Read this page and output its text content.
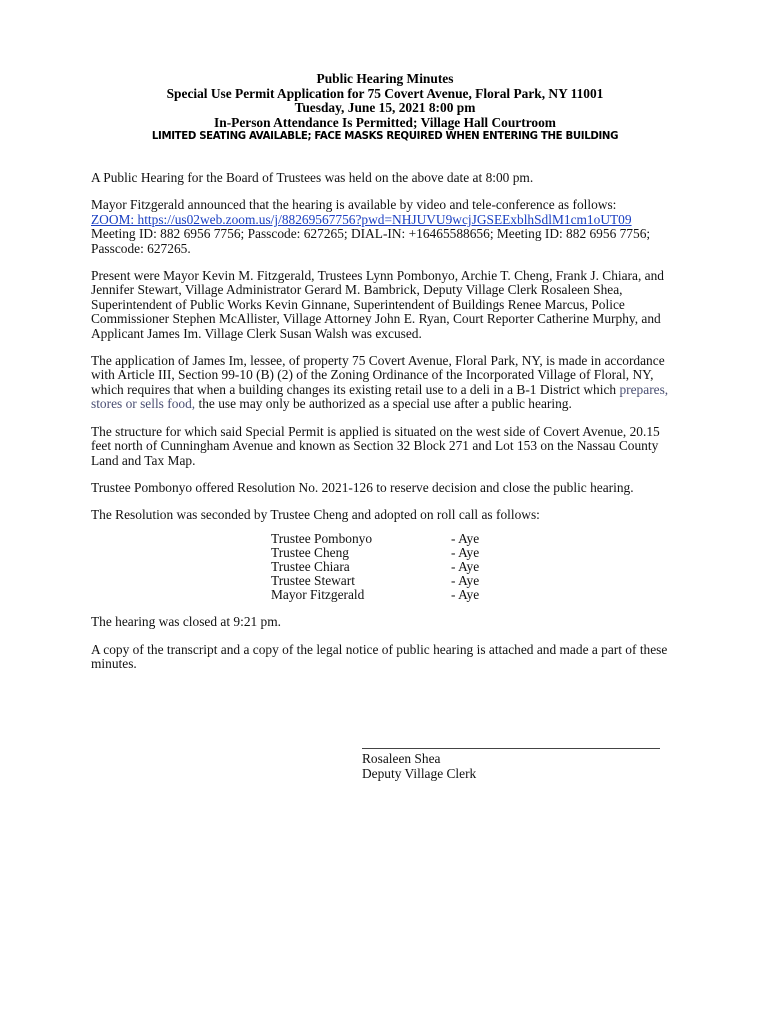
Public Hearing Minutes
Special Use Permit Application for 75 Covert Avenue, Floral Park, NY 11001
Tuesday, June 15, 2021 8:00 pm
In-Person Attendance Is Permitted; Village Hall Courtroom
LIMITED SEATING AVAILABLE; FACE MASKS REQUIRED WHEN ENTERING THE BUILDING

A Public Hearing for the Board of Trustees was held on the above date at 8:00 pm.

Mayor Fitzgerald announced that the hearing is available by video and tele-conference as follows:
ZOOM: https://us02web.zoom.us/j/88269567756?pwd=NHJUVU9wcjJGSEExblhSdlM1cm1oUT09
Meeting ID: 882 6956 7756; Passcode: 627265; DIAL-IN: +16465588656; Meeting ID: 882 6956 7756; Passcode: 627265.

Present were Mayor Kevin M. Fitzgerald, Trustees Lynn Pombonyo, Archie T. Cheng, Frank J. Chiara, and Jennifer Stewart, Village Administrator Gerard M. Bambrick, Deputy Village Clerk Rosaleen Shea, Superintendent of Public Works Kevin Ginnane, Superintendent of Buildings Renee Marcus, Police Commissioner Stephen McAllister, Village Attorney John E. Ryan, Court Reporter Catherine Murphy, and Applicant James Im. Village Clerk Susan Walsh was excused.

The application of James Im, lessee, of property 75 Covert Avenue, Floral Park, NY, is made in accordance with Article III, Section 99-10 (B) (2) of the Zoning Ordinance of the Incorporated Village of Floral, NY, which requires that when a building changes its existing retail use to a deli in a B-1 District which prepares, stores or sells food, the use may only be authorized as a special use after a public hearing.

The structure for which said Special Permit is applied is situated on the west side of Covert Avenue, 20.15 feet north of Cunningham Avenue and known as Section 32 Block 271 and Lot 153 on the Nassau County Land and Tax Map.

Trustee Pombonyo offered Resolution No. 2021-126 to reserve decision and close the public hearing.

The Resolution was seconded by Trustee Cheng and adopted on roll call as follows:

Trustee Pombonyo	- Aye
Trustee Cheng	- Aye
Trustee Chiara	- Aye
Trustee Stewart	- Aye
Mayor Fitzgerald	- Aye

The hearing was closed at 9:21 pm.

A copy of the transcript and a copy of the legal notice of public hearing is attached and made a part of these minutes.

Rosaleen Shea
Deputy Village Clerk
